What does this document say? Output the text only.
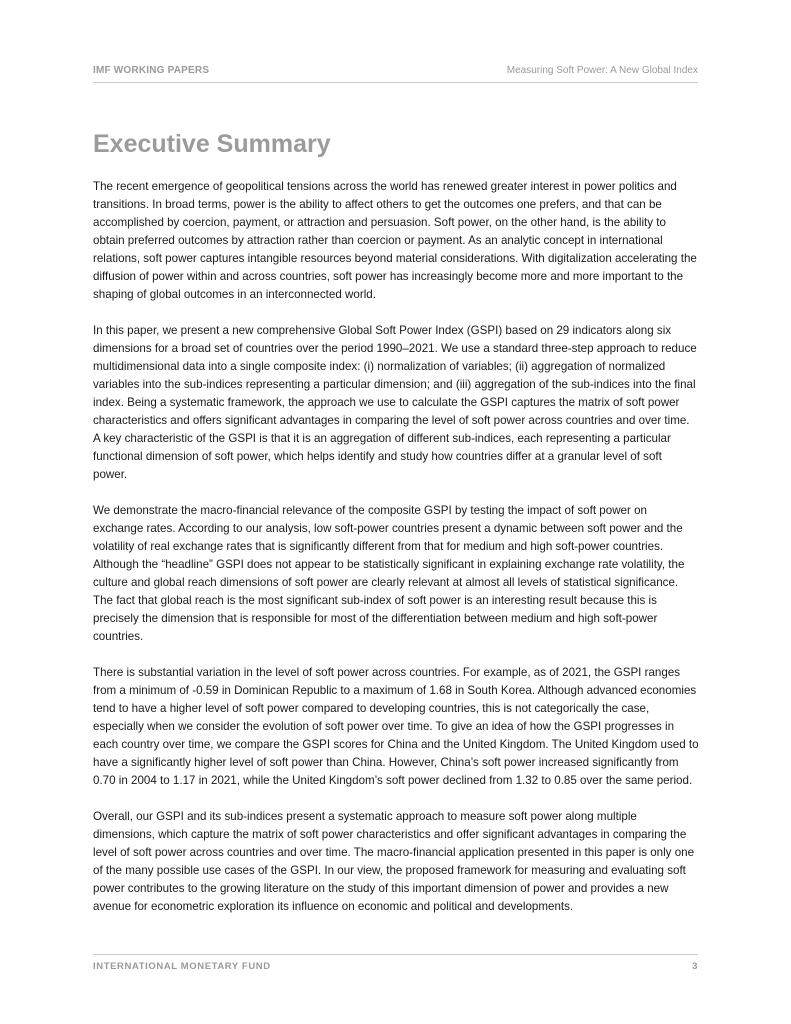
IMF WORKING PAPERS	Measuring Soft Power: A New Global Index
Executive Summary

The recent emergence of geopolitical tensions across the world has renewed greater interest in power politics and transitions. In broad terms, power is the ability to affect others to get the outcomes one prefers, and that can be accomplished by coercion, payment, or attraction and persuasion. Soft power, on the other hand, is the ability to obtain preferred outcomes by attraction rather than coercion or payment. As an analytic concept in international relations, soft power captures intangible resources beyond material considerations. With digitalization accelerating the diffusion of power within and across countries, soft power has increasingly become more and more important to the shaping of global outcomes in an interconnected world.

In this paper, we present a new comprehensive Global Soft Power Index (GSPI) based on 29 indicators along six dimensions for a broad set of countries over the period 1990–2021. We use a standard three-step approach to reduce multidimensional data into a single composite index: (i) normalization of variables; (ii) aggregation of normalized variables into the sub-indices representing a particular dimension; and (iii) aggregation of the sub-indices into the final index. Being a systematic framework, the approach we use to calculate the GSPI captures the matrix of soft power characteristics and offers significant advantages in comparing the level of soft power across countries and over time. A key characteristic of the GSPI is that it is an aggregation of different sub-indices, each representing a particular functional dimension of soft power, which helps identify and study how countries differ at a granular level of soft power.

We demonstrate the macro-financial relevance of the composite GSPI by testing the impact of soft power on exchange rates. According to our analysis, low soft-power countries present a dynamic between soft power and the volatility of real exchange rates that is significantly different from that for medium and high soft-power countries. Although the “headline” GSPI does not appear to be statistically significant in explaining exchange rate volatility, the culture and global reach dimensions of soft power are clearly relevant at almost all levels of statistical significance. The fact that global reach is the most significant sub-index of soft power is an interesting result because this is precisely the dimension that is responsible for most of the differentiation between medium and high soft-power countries.

There is substantial variation in the level of soft power across countries. For example, as of 2021, the GSPI ranges from a minimum of -0.59 in Dominican Republic to a maximum of 1.68 in South Korea. Although advanced economies tend to have a higher level of soft power compared to developing countries, this is not categorically the case, especially when we consider the evolution of soft power over time. To give an idea of how the GSPI progresses in each country over time, we compare the GSPI scores for China and the United Kingdom. The United Kingdom used to have a significantly higher level of soft power than China. However, China’s soft power increased significantly from 0.70 in 2004 to 1.17 in 2021, while the United Kingdom’s soft power declined from 1.32 to 0.85 over the same period.

Overall, our GSPI and its sub-indices present a systematic approach to measure soft power along multiple dimensions, which capture the matrix of soft power characteristics and offer significant advantages in comparing the level of soft power across countries and over time. The macro-financial application presented in this paper is only one of the many possible use cases of the GSPI. In our view, the proposed framework for measuring and evaluating soft power contributes to the growing literature on the study of this important dimension of power and provides a new avenue for econometric exploration its influence on economic and political and developments.

INTERNATIONAL MONETARY FUND	3
